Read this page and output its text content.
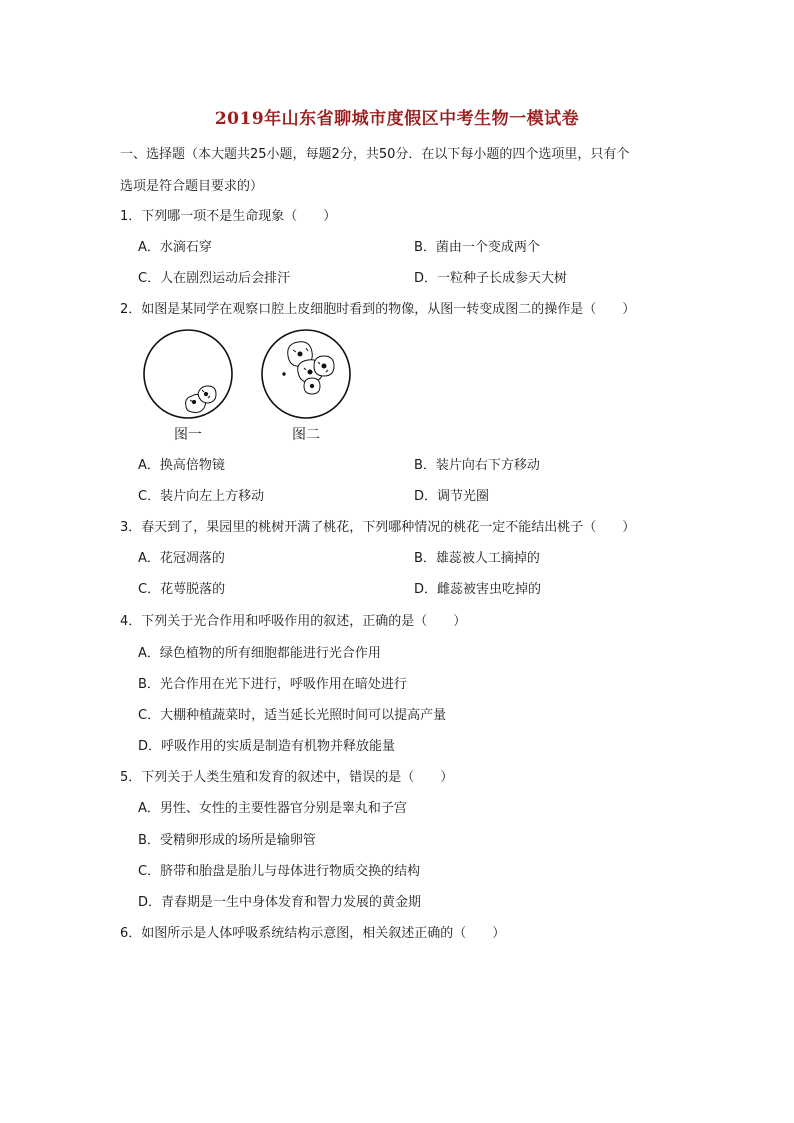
2019年山东省聊城市度假区中考生物一模试卷
一、选择题（本大题共25小题，每题2分，共50分．在以下每小题的四个选项里，只有个
选项是符合题目要求的）
1．下列哪一项不是生命现象（　　）
A．水滴石穿	B．菌由一个变成两个
C．人在剧烈运动后会排汗	D．一粒种子长成参天大树
2．如图是某同学在观察口腔上皮细胞时看到的物像，从图一转变成图二的操作是（　　）
图一	图二
A．换高倍物镜	B．装片向右下方移动
C．装片向左上方移动	D．调节光圈
3．春天到了，果园里的桃树开满了桃花，下列哪种情况的桃花一定不能结出桃子（　　）
A．花冠凋落的	B．雄蕊被人工摘掉的
C．花萼脱落的	D．雌蕊被害虫吃掉的
4．下列关于光合作用和呼吸作用的叙述，正确的是（　　）
A．绿色植物的所有细胞都能进行光合作用
B．光合作用在光下进行，呼吸作用在暗处进行
C．大棚种植蔬菜时，适当延长光照时间可以提高产量
D．呼吸作用的实质是制造有机物并释放能量
5．下列关于人类生殖和发育的叙述中，错误的是（　　）
A．男性、女性的主要性器官分别是睾丸和子宫
B．受精卵形成的场所是输卵管
C．脐带和胎盘是胎儿与母体进行物质交换的结构
D．青春期是一生中身体发育和智力发展的黄金期
6．如图所示是人体呼吸系统结构示意图，相关叙述正确的（　　）
